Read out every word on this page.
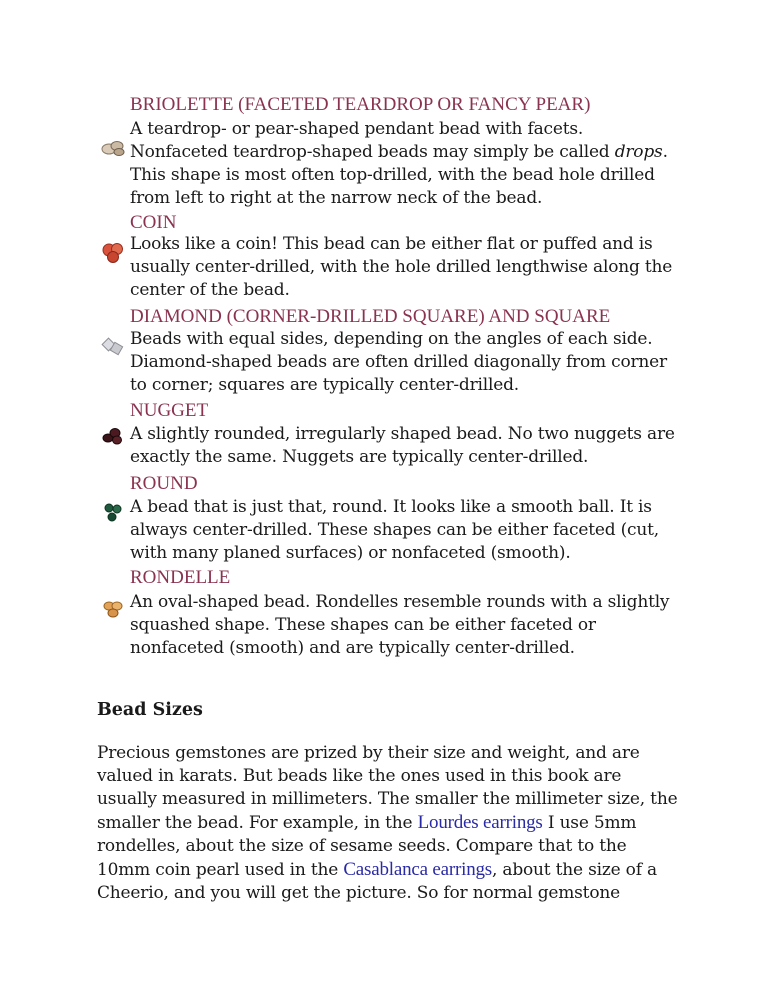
BRIOLETTE (FACETED TEARDROP OR FANCY PEAR)
A teardrop- or pear-shaped pendant bead with facets.
Nonfaceted teardrop-shaped beads may simply be called drops.
This shape is most often top-drilled, with the bead hole drilled
from left to right at the narrow neck of the bead.
COIN
Looks like a coin! This bead can be either flat or puffed and is
usually center-drilled, with the hole drilled lengthwise along the
center of the bead.
DIAMOND (CORNER-DRILLED SQUARE) AND SQUARE
Beads with equal sides, depending on the angles of each side.
Diamond-shaped beads are often drilled diagonally from corner
to corner; squares are typically center-drilled.
NUGGET
A slightly rounded, irregularly shaped bead. No two nuggets are
exactly the same. Nuggets are typically center-drilled.
ROUND
A bead that is just that, round. It looks like a smooth ball. It is
always center-drilled. These shapes can be either faceted (cut,
with many planed surfaces) or nonfaceted (smooth).
RONDELLE
An oval-shaped bead. Rondelles resemble rounds with a slightly
squashed shape. These shapes can be either faceted or
nonfaceted (smooth) and are typically center-drilled.
Bead Sizes
Precious gemstones are prized by their size and weight, and are
valued in karats. But beads like the ones used in this book are
usually measured in millimeters. The smaller the millimeter size, the
smaller the bead. For example, in the Lourdes earrings I use 5mm
rondelles, about the size of sesame seeds. Compare that to the
10mm coin pearl used in the Casablanca earrings, about the size of a
Cheerio, and you will get the picture. So for normal gemstone
